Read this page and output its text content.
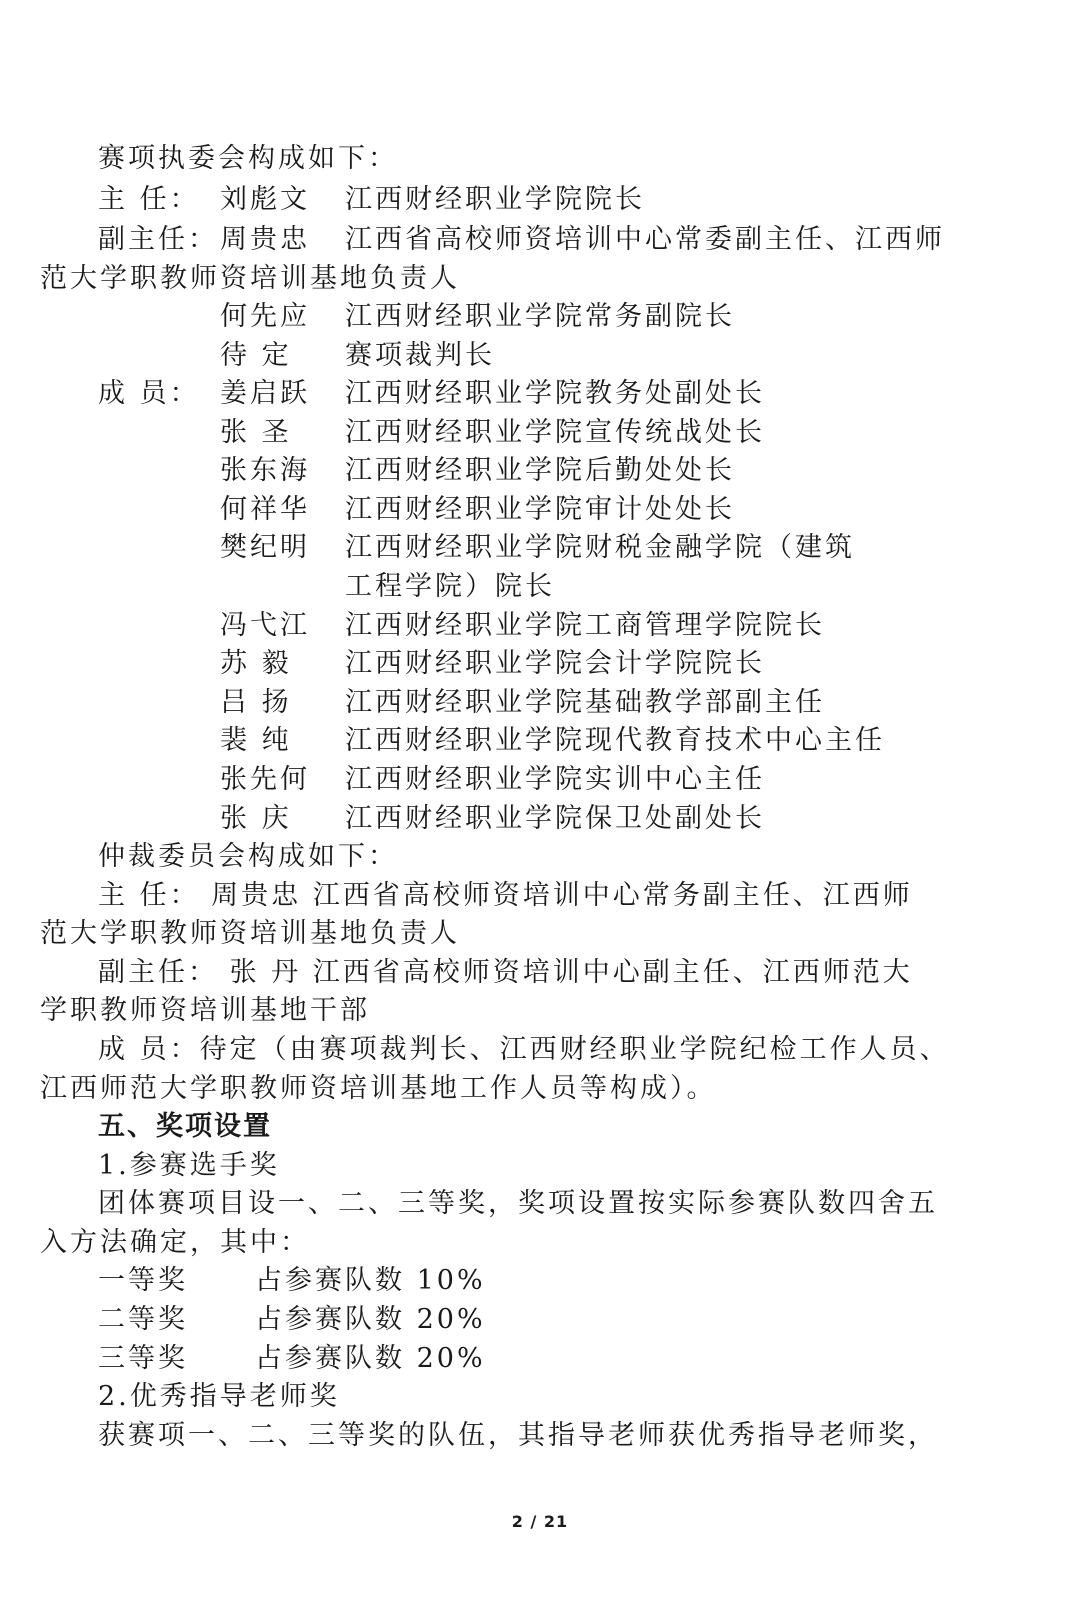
赛项执委会构成如下：
主 任： 刘彪文 江西财经职业学院院长
副主任： 周贵忠 江西省高校师资培训中心常委副主任、江西师
范大学职教师资培训基地负责人
何先应 江西财经职业学院常务副院长
待 定 赛项裁判长
成 员： 姜启跃 江西财经职业学院教务处副处长
张 圣 江西财经职业学院宣传统战处长
张东海 江西财经职业学院后勤处处长
何祥华 江西财经职业学院审计处处长
樊纪明 江西财经职业学院财税金融学院（建筑
工程学院）院长
冯弋江 江西财经职业学院工商管理学院院长
苏 毅 江西财经职业学院会计学院院长
吕 扬 江西财经职业学院基础教学部副主任
裴 纯 江西财经职业学院现代教育技术中心主任
张先何 江西财经职业学院实训中心主任
张 庆 江西财经职业学院保卫处副处长
仲裁委员会构成如下：
主 任： 周贵忠 江西省高校师资培训中心常务副主任、江西师
范大学职教师资培训基地负责人
副主任： 张 丹 江西省高校师资培训中心副主任、江西师范大
学职教师资培训基地干部
成 员：待定（由赛项裁判长、江西财经职业学院纪检工作人员、
江西师范大学职教师资培训基地工作人员等构成）。
五、奖项设置
1.参赛选手奖
团体赛项目设一、二、三等奖，奖项设置按实际参赛队数四舍五
入方法确定，其中：
一等奖 占参赛队数 10%
二等奖 占参赛队数 20%
三等奖 占参赛队数 20%
2.优秀指导老师奖
获赛项一、二、三等奖的队伍，其指导老师获优秀指导老师奖，
2 / 21
